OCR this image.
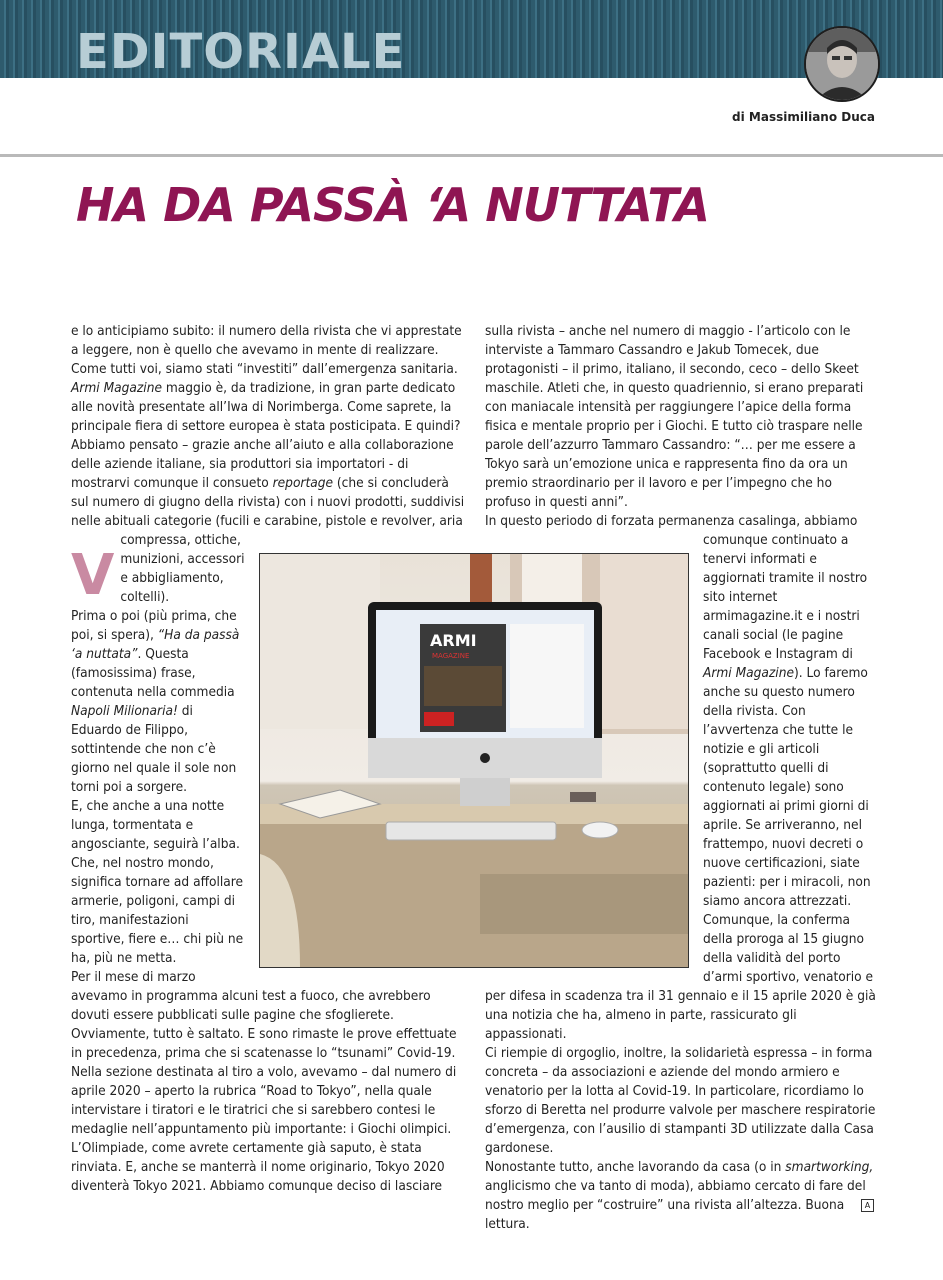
EDITORIALE
di Massimiliano Duca
HA DA PASSÀ ‘A NUTTATA
V

e lo anticipiamo subito: il numero della rivista che vi apprestate a leggere, non è quello che avevamo in mente di realizzare. Come tutti voi, siamo stati “investiti” dall’emergenza sanitaria.

Armi Magazine maggio è, da tradizione, in gran parte dedicato alle novità presentate all’Iwa di Norimberga. Come saprete, la principale fiera di settore europea è stata posticipata. E quindi? Abbiamo pensato – grazie anche all’aiuto e alla collaborazione delle aziende italiane, sia produttori sia importatori - di mostrarvi comunque il consueto reportage (che si concluderà sul numero di giugno della rivista) con i nuovi prodotti, suddivisi nelle abituali categorie (fucili e carabine, pistole e revolver, aria compressa, ottiche, munizioni, accessori e abbigliamento, coltelli).

Prima o poi (più prima, che poi, si spera), “Ha da passà ‘a nuttata”. Questa (famosissima) frase, contenuta nella commedia Napoli Milionaria! di Eduardo de Filippo, sottintende che non c’è giorno nel quale il sole non torni poi a sorgere.

E, che anche a una notte lunga, tormentata e angosciante, seguirà l’alba. Che, nel nostro mondo, significa tornare ad affollare armerie, poligoni, campi di tiro, manifestazioni sportive, fiere e… chi più ne ha, più ne metta.

Per il mese di marzo avevamo in programma alcuni test a fuoco, che avrebbero dovuti essere pubblicati sulle pagine che sfoglierete. Ovviamente, tutto è saltato. E sono rimaste le prove effettuate in precedenza, prima che si scatenasse lo “tsunami” Covid-19.

Nella sezione destinata al tiro a volo, avevamo – dal numero di aprile 2020 – aperto la rubrica “Road to Tokyo”, nella quale intervistare i tiratori e le tiratrici che si sarebbero contesi le medaglie nell’appuntamento più importante: i Giochi olimpici. L’Olimpiade, come avrete certamente già saputo, è stata rinviata. E, anche se manterrà il nome originario, Tokyo 2020 diventerà Tokyo 2021. Abbiamo comunque deciso di lasciare

sulla rivista – anche nel numero di maggio - l’articolo con le interviste a Tammaro Cassandro e Jakub Tomecek, due protagonisti – il primo, italiano, il secondo, ceco – dello Skeet maschile. Atleti che, in questo quadriennio, si erano preparati con maniacale intensità per raggiungere l’apice della forma fisica e mentale proprio per i Giochi. E tutto ciò traspare nelle parole dell’azzurro Tammaro Cassandro: “… per me essere a Tokyo sarà un’emozione unica e rappresenta fino da ora un premio straordinario per il lavoro e per l’impegno che ho profuso in questi anni”.

In questo periodo di forzata permanenza casalinga, abbiamo comunque continuato a tenervi informati e aggiornati tramite il nostro sito internet armimagazine.it e i nostri canali social (le pagine Facebook e Instagram di Armi Magazine). Lo faremo anche su questo numero della rivista. Con l’avvertenza che tutte le notizie e gli articoli (soprattutto quelli di contenuto legale) sono aggiornati ai primi giorni di aprile. Se arriveranno, nel frattempo, nuovi decreti o nuove certificazioni, siate pazienti: per i miracoli, non siamo ancora attrezzati. Comunque, la conferma della proroga al 15 giugno della validità del porto d’armi sportivo, venatorio e per difesa in scadenza tra il 31 gennaio e il 15 aprile 2020 è già una notizia che ha, almeno in parte, rassicurato gli appassionati.

Ci riempie di orgoglio, inoltre, la solidarietà espressa – in forma concreta – da associazioni e aziende del mondo armiero e venatorio per la lotta al Covid-19. In particolare, ricordiamo lo sforzo di Beretta nel produrre valvole per maschere respiratorie d’emergenza, con l’ausilio di stampanti 3D utilizzate dalla Casa gardonese.

Nonostante tutto, anche lavorando da casa (o in smartworking, anglicismo che va tanto di moda), abbiamo cercato di fare del nostro meglio per “costruire” una rivista all’altezza. Buona lettura.

ARMI
MAGAZINE
A
